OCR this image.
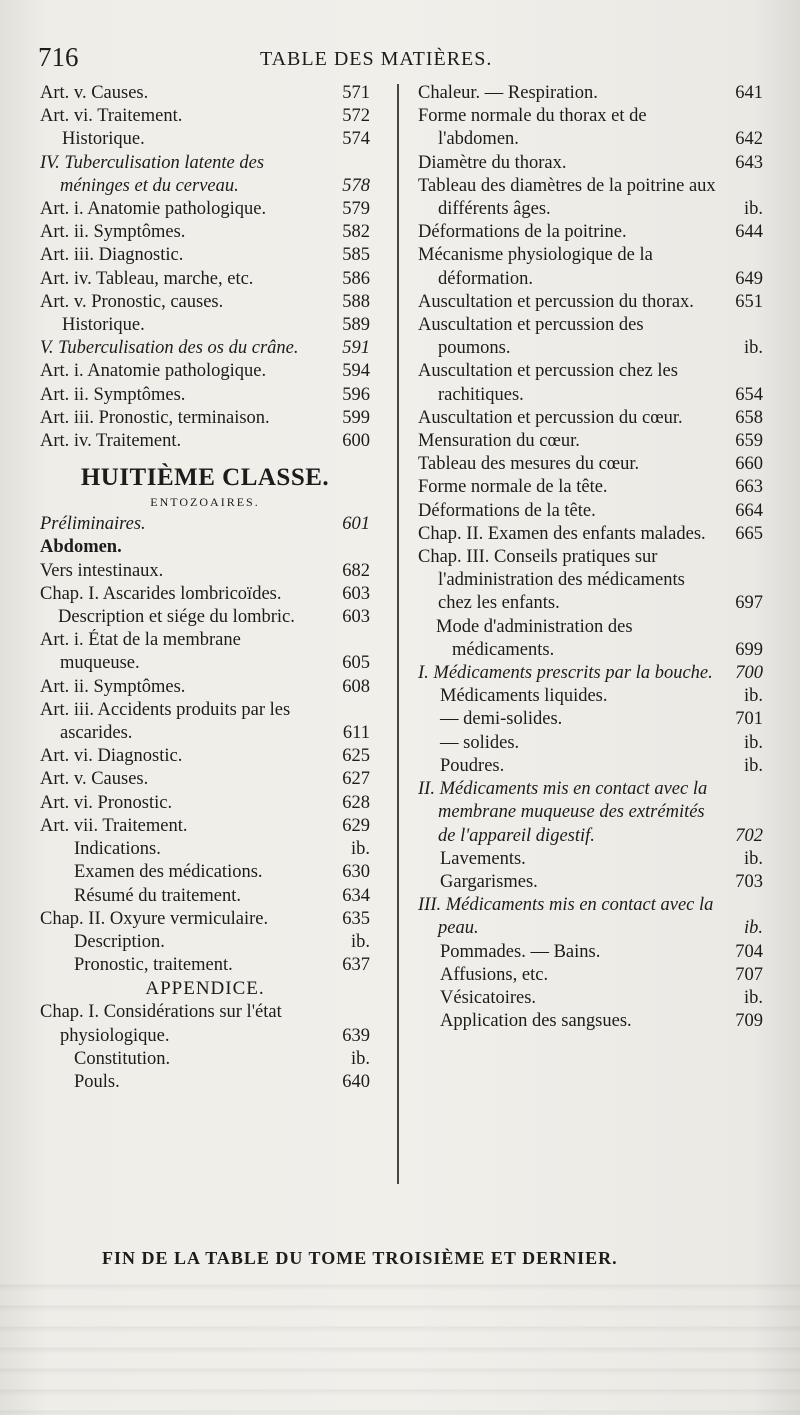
716	TABLE DES MATIÈRES.
Art. v. Causes.	571
Art. vi. Traitement.	572
Historique.	574
IV. Tuberculisation latente des méninges et du cerveau.	578
Art. i. Anatomie pathologique.	579
Art. ii. Symptômes.	582
Art. iii. Diagnostic.	585
Art. iv. Tableau, marche, etc.	586
Art. v. Pronostic, causes.	588
Historique.	589
V. Tuberculisation des os du crâne.	591
Art. i. Anatomie pathologique.	594
Art. ii. Symptômes.	596
Art. iii. Pronostic, terminaison.	599
Art. iv. Traitement.	600
HUITIÈME CLASSE.
ENTOZOAIRES.
Préliminaires.	601
Abdomen.
Vers intestinaux.	682
Chap. I. Ascarides lombricoïdes.	603
Description et siége du lombric.	603
Art. i. État de la membrane muqueuse.	605
Art. ii. Symptômes.	608
Art. iii. Accidents produits par les ascarides.	611
Art. vi. Diagnostic.	625
Art. v. Causes.	627
Art. vi. Pronostic.	628
Art. vii. Traitement.	629
Indications.	ib.
Examen des médications.	630
Résumé du traitement.	634
Chap. II. Oxyure vermiculaire.	635
Description.	ib.
Pronostic, traitement.	637
APPENDICE.
Chap. I. Considérations sur l'état physiologique.	639
Constitution.	ib.
Pouls.	640
Chaleur. — Respiration.	641
Forme normale du thorax et de l'abdomen.	642
Diamètre du thorax.	643
Tableau des diamètres de la poitrine aux différents âges.	ib.
Déformations de la poitrine.	644
Mécanisme physiologique de la déformation.	649
Auscultation et percussion du thorax.	651
Auscultation et percussion des poumons.	ib.
Auscultation et percussion chez les rachitiques.	654
Auscultation et percussion du cœur.	658
Mensuration du cœur.	659
Tableau des mesures du cœur.	660
Forme normale de la tête.	663
Déformations de la tête.	664
Chap. II. Examen des enfants malades.	665
Chap. III. Conseils pratiques sur l'administration des médicaments chez les enfants.	697
Mode d'administration des médicaments.	699
I. Médicaments prescrits par la bouche.	700
Médicaments liquides.	ib.
— demi-solides.	701
— solides.	ib.
Poudres.	ib.
II. Médicaments mis en contact avec la membrane muqueuse des extrémités de l'appareil digestif.	702
Lavements.	ib.
Gargarismes.	703
III. Médicaments mis en contact avec la peau.	ib.
Pommades. — Bains.	704
Affusions, etc.	707
Vésicatoires.	ib.
Application des sangsues.	709
FIN DE LA TABLE DU TOME TROISIÈME ET DERNIER.
